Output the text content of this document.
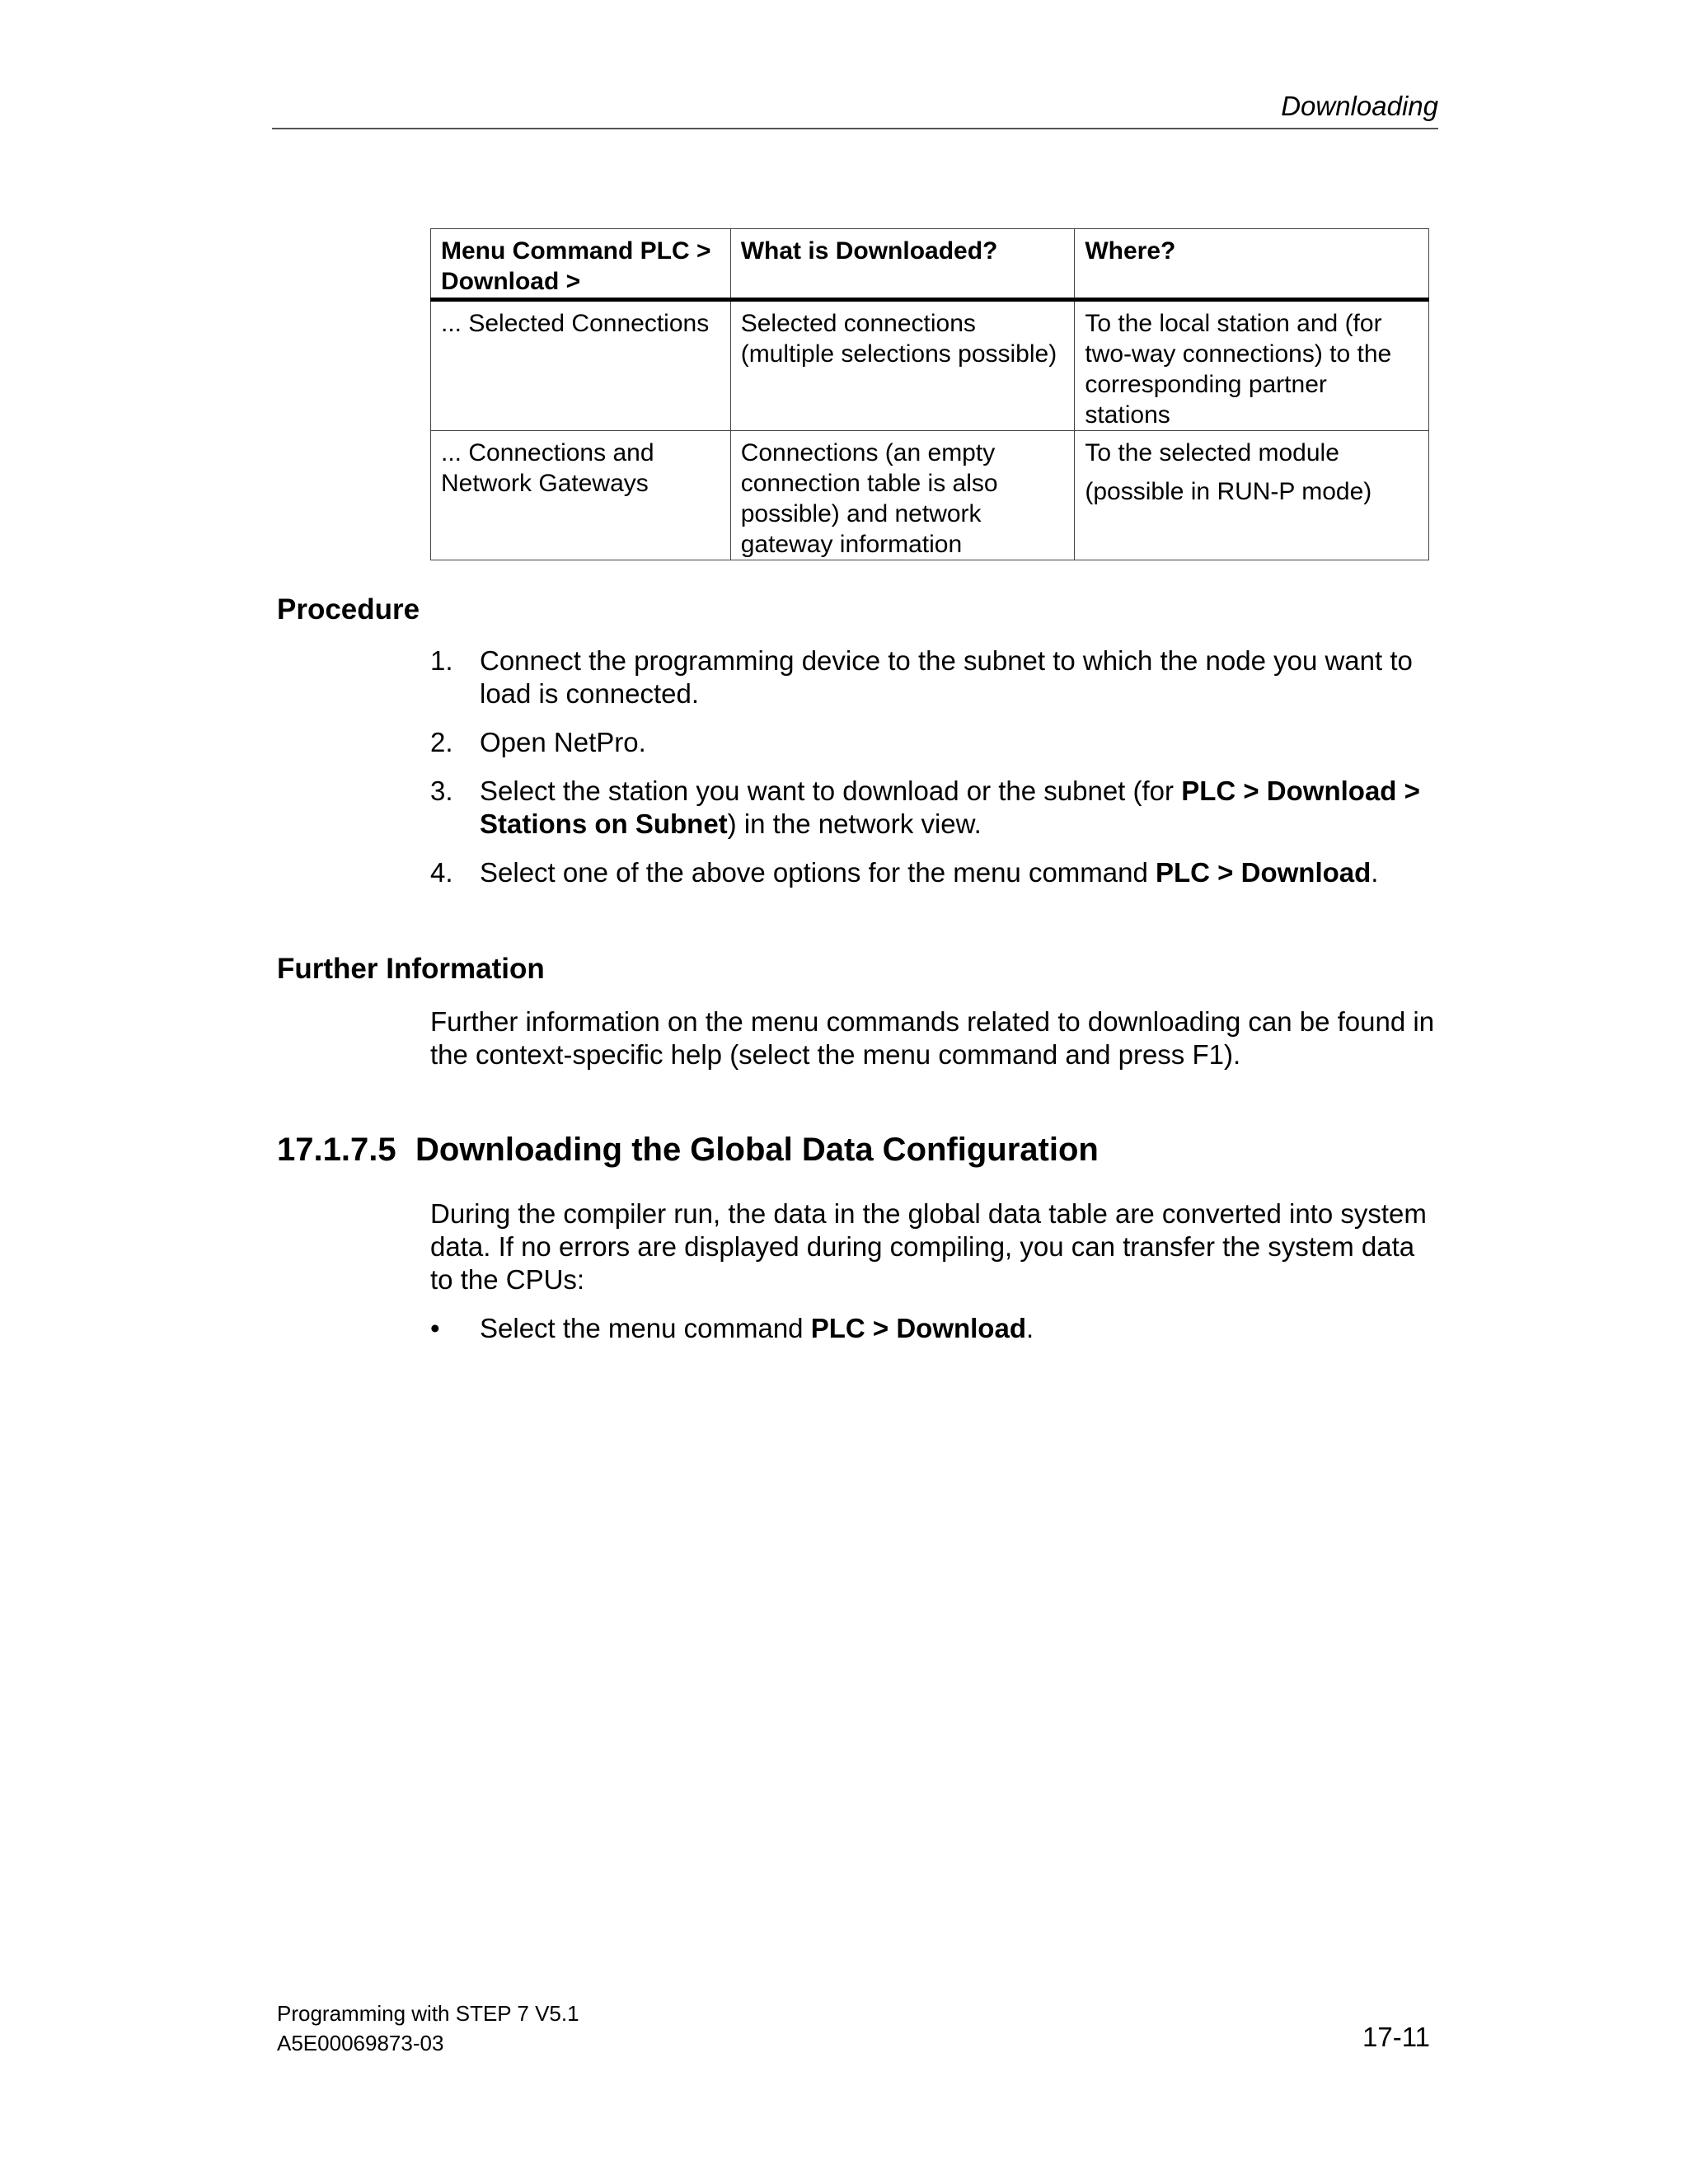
Downloading
Menu Command PLC > Download >	What is Downloaded?	Where?
... Selected Connections	Selected connections (multiple selections possible)	To the local station and (for two-way connections) to the corresponding partner stations

... Connections and Network Gateways	Connections (an empty connection table is also possible) and network gateway information	To the selected module
(possible in RUN-P mode)
Procedure
1. Connect the programming device to the subnet to which the node you want to load is connected.
2. Open NetPro.
3. Select the station you want to download or the subnet (for PLC > Download > Stations on Subnet) in the network view.
4. Select one of the above options for the menu command PLC > Download.
Further Information

Further information on the menu commands related to downloading can be found in the context-specific help (select the menu command and press F1).

17.1.7.5 Downloading the Global Data Configuration

During the compiler run, the data in the global data table are converted into system data. If no errors are displayed during compiling, you can transfer the system data to the CPUs:

• Select the menu command PLC > Download.
Programming with STEP 7 V5.1
A5E00069873-03	17-11
